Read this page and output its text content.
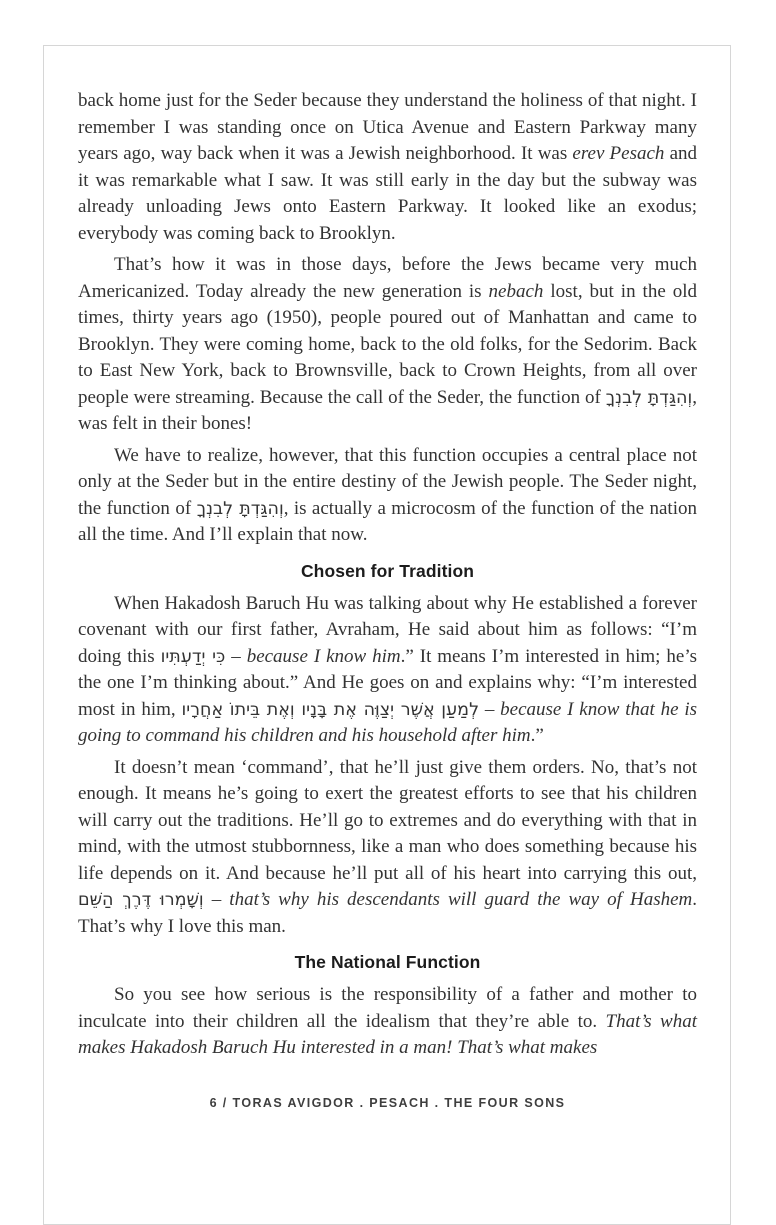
back home just for the Seder because they understand the holiness of that night. I remember I was standing once on Utica Avenue and Eastern Parkway many years ago, way back when it was a Jewish neighborhood. It was erev Pesach and it was remarkable what I saw. It was still early in the day but the subway was already unloading Jews onto Eastern Parkway. It looked like an exodus; everybody was coming back to Brooklyn.

That’s how it was in those days, before the Jews became very much Americanized. Today already the new generation is nebach lost, but in the old times, thirty years ago (1950), people poured out of Manhattan and came to Brooklyn. They were coming home, back to the old folks, for the Sedorim. Back to East New York, back to Brownsville, back to Crown Heights, from all over people were streaming. Because the call of the Seder, the function of וְהִגַּדְתָּ לְבִנְךָ, was felt in their bones!

We have to realize, however, that this function occupies a central place not only at the Seder but in the entire destiny of the Jewish people. The Seder night, the function of וְהִגַּדְתָּ לְבִנְךָ, is actually a microcosm of the function of the nation all the time. And I’ll explain that now.

Chosen for Tradition

When Hakadosh Baruch Hu was talking about why He established a forever covenant with our first father, Avraham, He said about him as follows: “I’m doing this כִּי יְדַעְתִּיו – because I know him.” It means I’m interested in him; he’s the one I’m thinking about.” And He goes on and explains why: “I’m interested most in him, לְמַעַן אֲשֶׁר יְצַוֶּה אֶת בָּנָיו וְאֶת בֵּיתוֹ אַחֲרָיו – because I know that he is going to command his children and his household after him.”

It doesn’t mean ‘command’, that he’ll just give them orders. No, that’s not enough. It means he’s going to exert the greatest efforts to see that his children will carry out the traditions. He’ll go to extremes and do everything with that in mind, with the utmost stubbornness, like a man who does something because his life depends on it. And because he’ll put all of his heart into carrying this out, וְשָׁמְרוּ דֶּרֶךְ הַשֵּׁם – that’s why his descendants will guard the way of Hashem. That’s why I love this man.

The National Function

So you see how serious is the responsibility of a father and mother to inculcate into their children all the idealism that they’re able to. That’s what makes Hakadosh Baruch Hu interested in a man! That’s what makes

6 / TORAS AVIGDOR . PESACH . THE FOUR SONS
